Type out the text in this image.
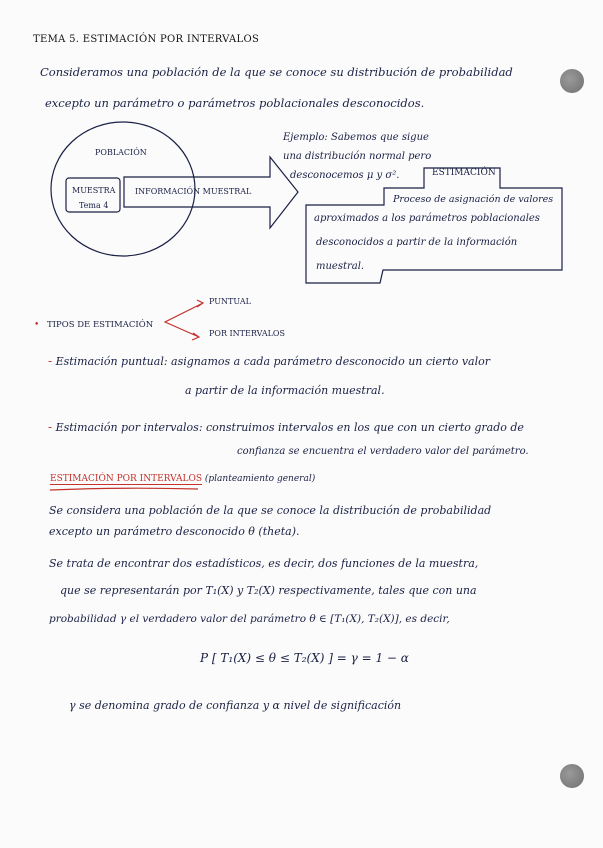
TEMA 5. ESTIMACIÓN POR INTERVALOS
Consideramos una población de la que se conoce su distribución de probabilidad
excepto un parámetro o parámetros poblacionales desconocidos.
POBLACIÓN
MUESTRA
Tema 4
INFORMACIÓN MUESTRAL
Ejemplo: Sabemos que sigue
una distribución normal pero
desconocemos μ y σ².	ESTIMACIÓN
Proceso de asignación de valores
aproximados a los parámetros poblacionales
desconocidos a partir de la información
muestral.
• TIPOS DE ESTIMACIÓN
PUNTUAL
POR INTERVALOS
- Estimación puntual: asignamos a cada parámetro desconocido un cierto valor
a partir de la información muestral.
- Estimación por intervalos: construimos intervalos en los que con un cierto grado de
confianza se encuentra el verdadero valor del parámetro.
ESTIMACIÓN POR INTERVALOS (planteamiento general)
Se considera una población de la que se conoce la distribución de probabilidad
excepto un parámetro desconocido θ (theta).
Se trata de encontrar dos estadísticos, es decir, dos funciones de la muestra,
que se representarán por T₁(X) y T₂(X) respectivamente, tales que con una
probabilidad γ el verdadero valor del parámetro θ ∈ [T₁(X), T₂(X)], es decir,
P [ T₁(X) ≤ θ ≤ T₂(X) ] = γ = 1 − α
γ se denomina grado de confianza y α nivel de significación
